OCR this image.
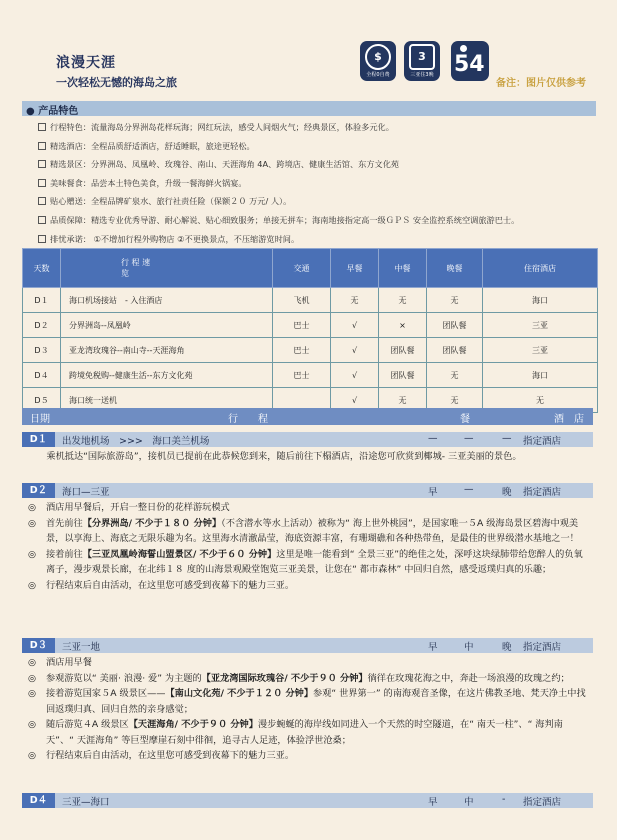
浪漫天涯
一次轻松无憾的海岛之旅
$
全程0自费
3
三亚住3晚 54
备注：图片仅供参考
● 产品特色
行程特色：流量海岛分界洲岛花样玩海；网红玩法，感受人间烟火气；经典景区，体验多元化。
精选酒店：全程品质舒适酒店，舒适睡眠，旅途更轻松。
精选景区：分界洲岛、凤凰岭、玫瑰谷、南山、天涯海角 4A、跨境店、健康生活馆、东方文化苑
美味餐食：品尝本土特色美食，升级一餐海鲜火锅宴。
贴心赠送：全程品牌矿泉水、旅行社责任险（保额２０ 万元/ 人）。
品质保障：精选专业优秀导游、耐心解说、贴心细致服务；单接无拼车；海南地接指定高一级ＧＰＳ 安全监控系统空调旅游巴士。
排忧承诺： ①不增加行程外购物店 ②不更换景点，不压缩游览时间。
天数	行 程 速
览	交通	早餐	中餐	晚餐	住宿酒店
D１	海口机场接站　- 入住酒店	飞机	无	无	无	海口
D２	分界洲岛--凤凰岭	巴士	√	×	团队餐	三亚
D３	亚龙湾玫瑰谷--南山寺--天涯海角	巴士	√	团队餐	团队餐	三亚
D４	跨境免税购--健康生活--东方文化苑	巴士	√	团队餐	无	海口
D５	海口统一送机		√	无	无	无
日期	行　　程	餐	酒　店
D１	出发地机场　>>>　海口美兰机场	—	—	— 指定酒店
乘机抵达“国际旅游岛”，接机员已提前在此恭候您到来，随后前往下榻酒店，沿途您可欣赏到椰城- 三亚美丽的景色。
D２	海口—三亚	早	—	晚 指定酒店
◎ 酒店用早餐后，开启一整日份的花样游玩模式
◎ 首先前往【分界洲岛/ 不少于１８０ 分钟】（不含潜水等水上活动）被称为“ 海上世外桃园”，是国家唯一５A 级海岛景区碧海中观美景，以享海上、海底之无限乐趣为名。这里海水清澈晶莹，海底资源丰富，有珊瑚礁和各种热带鱼，是最佳的世界级潜水基地之一！
◎ 接着前往【三亚凤凰岭海誓山盟景区/ 不少于６０ 分钟】这里是唯一能看到“ 全景三亚”的绝佳之处，深呼这块绿肺带给您醉人的负氧离子，漫步观景长廊，在北纬１８ 度的山海景观殿堂饱览三亚美景，让您在“ 都市森林” 中回归自然，感受返璞归真的乐趣；
◎ 行程结束后自由活动，在这里您可感受到夜幕下的魅力三亚。
D３	三亚一地	早	中	晚 指定酒店
◎ 酒店用早餐
◎ 参观游览以“ 美丽· 浪漫· 爱” 为主题的【亚龙湾国际玫瑰谷/ 不少于９０ 分钟】徜徉在玫瑰花海之中，奔赴一场浪漫的玫瑰之约；
◎ 接着游览国家５A 级景区——【南山文化苑/ 不少于１２０ 分钟】参观“ 世界第一” 的南海观音圣像，在这片佛教圣地、梵天净土中找回返璞归真、回归自然的亲身感觉；
◎ 随后游览４A 级景区【天涯海角/ 不少于９０ 分钟】漫步蜿蜒的海岸线如同进入一个天然的时空隧道，在“ 南天一柱”、“ 海判南天”、“ 天涯海角” 等巨型摩崖石刻中徘徊，追寻古人足迹，体验浮世沧桑；
◎ 行程结束后自由活动，在这里您可感受到夜幕下的魅力三亚。
D４	三亚—海口	早	中	- 指定酒店
